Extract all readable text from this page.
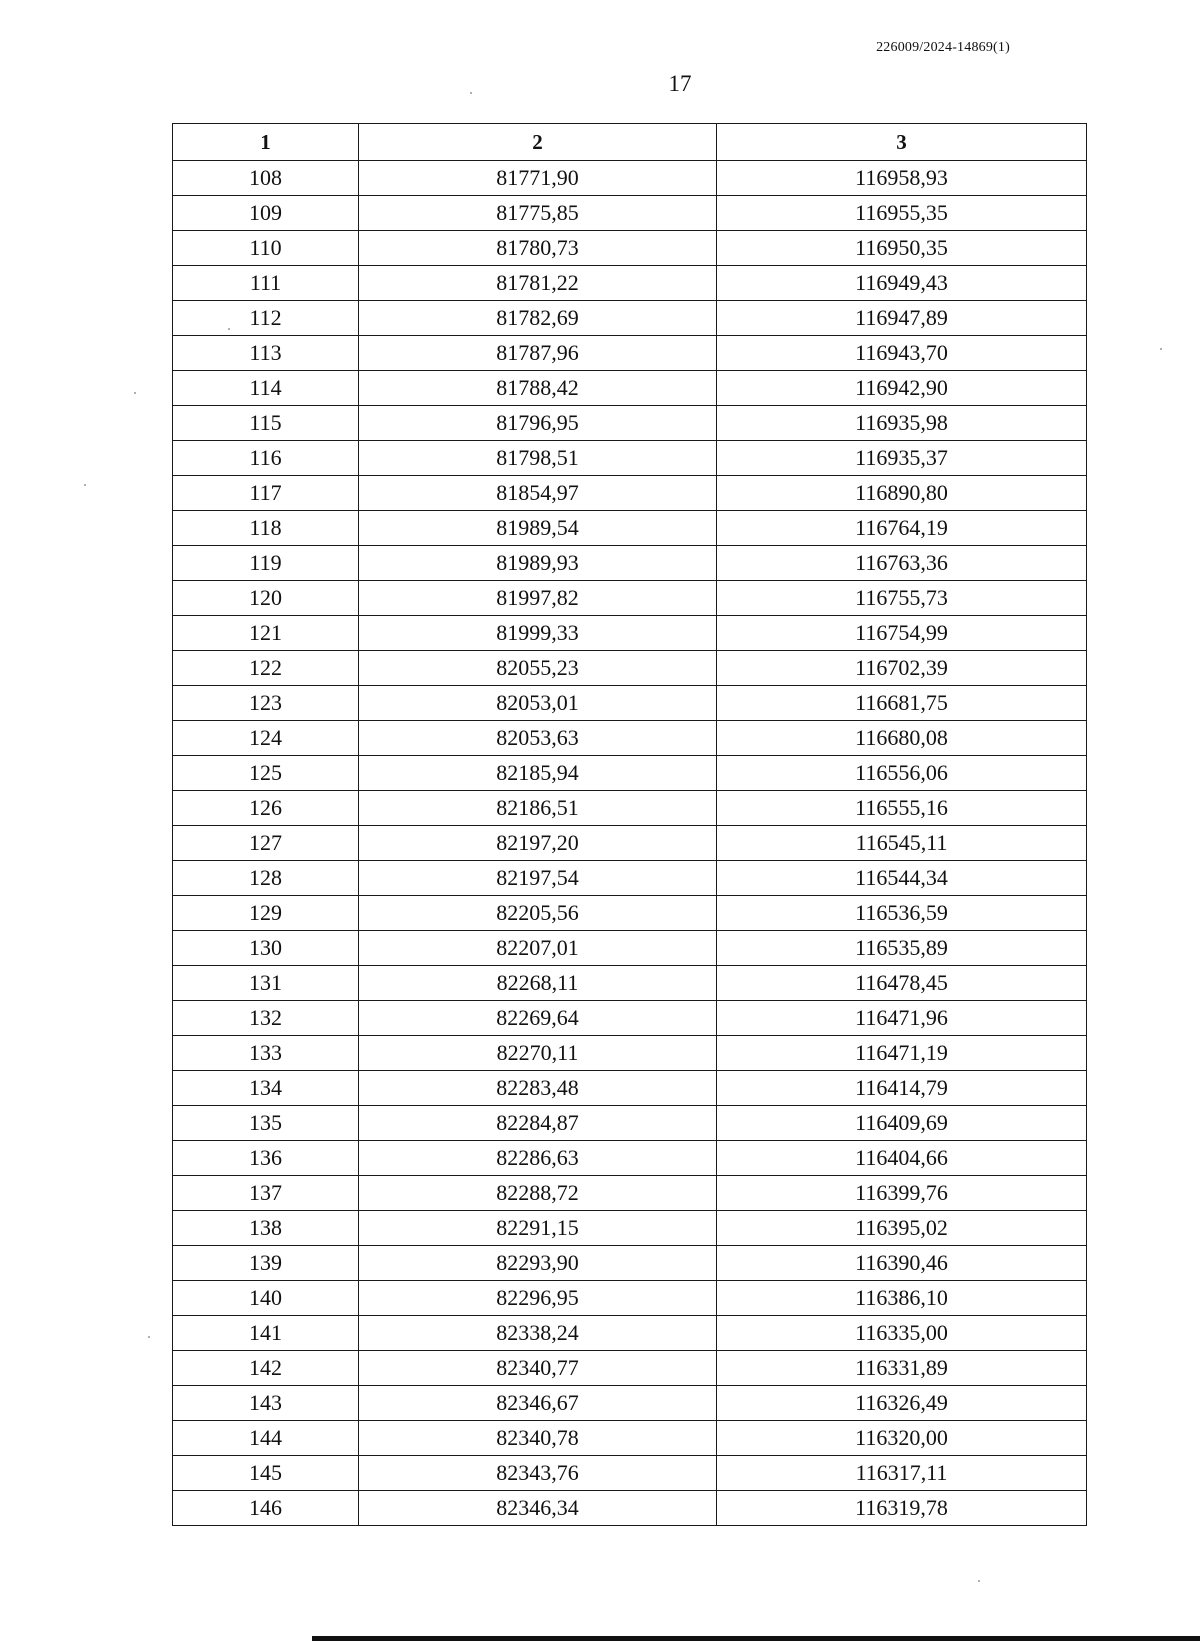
226009/2024-14869(1)
17
1	2	3
108	81771,90	116958,93
109	81775,85	116955,35
110	81780,73	116950,35
111	81781,22	116949,43
112	81782,69	116947,89
113	81787,96	116943,70
114	81788,42	116942,90
115	81796,95	116935,98
116	81798,51	116935,37
117	81854,97	116890,80
118	81989,54	116764,19
119	81989,93	116763,36
120	81997,82	116755,73
121	81999,33	116754,99
122	82055,23	116702,39
123	82053,01	116681,75
124	82053,63	116680,08
125	82185,94	116556,06
126	82186,51	116555,16
127	82197,20	116545,11
128	82197,54	116544,34
129	82205,56	116536,59
130	82207,01	116535,89
131	82268,11	116478,45
132	82269,64	116471,96
133	82270,11	116471,19
134	82283,48	116414,79
135	82284,87	116409,69
136	82286,63	116404,66
137	82288,72	116399,76
138	82291,15	116395,02
139	82293,90	116390,46
140	82296,95	116386,10
141	82338,24	116335,00
142	82340,77	116331,89
143	82346,67	116326,49
144	82340,78	116320,00
145	82343,76	116317,11
146	82346,34	116319,78
